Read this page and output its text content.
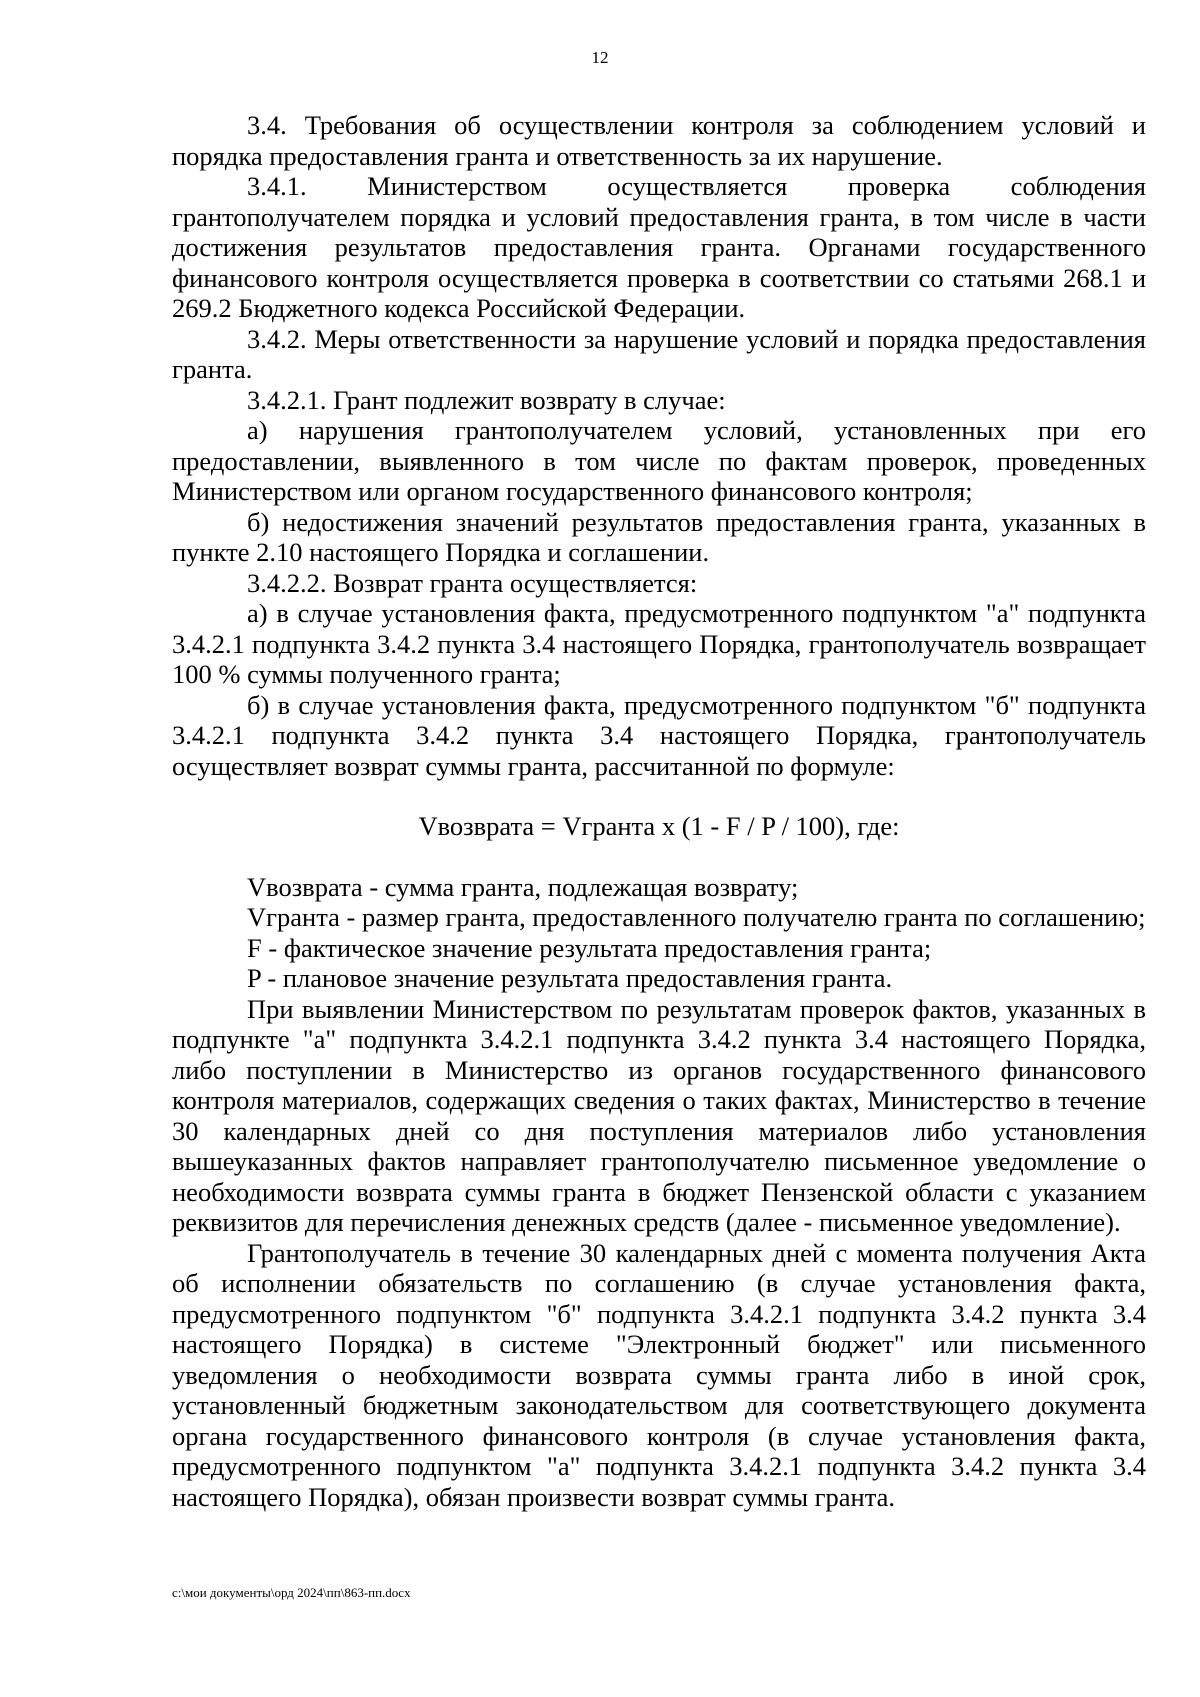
12

3.4. Требования об осуществлении контроля за соблюдением условий и порядка предоставления гранта и ответственность за их нарушение.

3.4.1. Министерством осуществляется проверка соблюдения грантополучателем порядка и условий предоставления гранта, в том числе в части достижения результатов предоставления гранта. Органами государственного финансового контроля осуществляется проверка в соответствии со статьями 268.1 и 269.2 Бюджетного кодекса Российской Федерации.

3.4.2. Меры ответственности за нарушение условий и порядка предоставления гранта.

3.4.2.1. Грант подлежит возврату в случае:

а) нарушения грантополучателем условий, установленных при его предоставлении, выявленного в том числе по фактам проверок, проведенных Министерством или органом государственного финансового контроля;

б) недостижения значений результатов предоставления гранта, указанных в пункте 2.10 настоящего Порядка и соглашении.

3.4.2.2. Возврат гранта осуществляется:

а) в случае установления факта, предусмотренного подпунктом "а" подпункта 3.4.2.1 подпункта 3.4.2 пункта 3.4 настоящего Порядка, грантополучатель возвращает 100 % суммы полученного гранта;

б) в случае установления факта, предусмотренного подпунктом "б" подпункта 3.4.2.1 подпункта 3.4.2 пункта 3.4 настоящего Порядка, грантополучатель осуществляет возврат суммы гранта, рассчитанной по формуле:

Vвозврата = Vгранта x (1 - F / P / 100), где:

Vвозврата - сумма гранта, подлежащая возврату;

Vгранта - размер гранта, предоставленного получателю гранта по соглашению;

F - фактическое значение результата предоставления гранта;

P - плановое значение результата предоставления гранта.

При выявлении Министерством по результатам проверок фактов, указанных в подпункте "а" подпункта 3.4.2.1 подпункта 3.4.2 пункта 3.4 настоящего Порядка, либо поступлении в Министерство из органов государственного финансового контроля материалов, содержащих сведения о таких фактах, Министерство в течение 30 календарных дней со дня поступления материалов либо установления вышеуказанных фактов направляет грантополучателю письменное уведомление о необходимости возврата суммы гранта в бюджет Пензенской области с указанием реквизитов для перечисления денежных средств (далее - письменное уведомление).

Грантополучатель в течение 30 календарных дней с момента получения Акта об исполнении обязательств по соглашению (в случае установления факта, предусмотренного подпунктом "б" подпункта 3.4.2.1 подпункта 3.4.2 пункта 3.4 настоящего Порядка) в системе "Электронный бюджет" или письменного уведомления о необходимости возврата суммы гранта либо в иной срок, установленный бюджетным законодательством для соответствующего документа органа государственного финансового контроля (в случае установления факта, предусмотренного подпунктом "а" подпункта 3.4.2.1 подпункта 3.4.2 пункта 3.4 настоящего Порядка), обязан произвести возврат суммы гранта.

c:\мои документы\орд 2024\пп\863-пп.docx
